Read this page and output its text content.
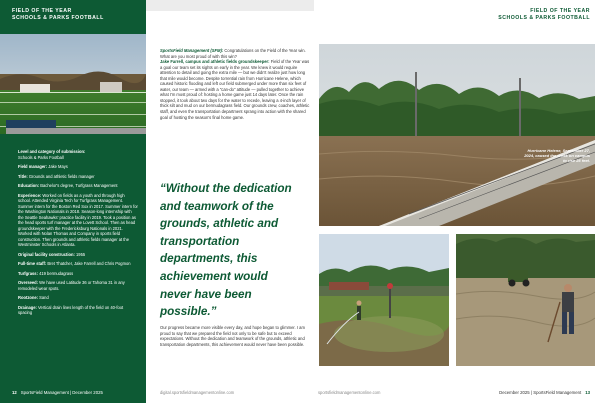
FIELD OF THE YEAR
SCHOOLS & PARKS FOOTBALL

Level and category of submission:
Schools & Parks Football

Field manager: Jake Mays

Title: Grounds and athletic fields manager

Education: Bachelor's degree, Turfgrass Management

Experience: Worked on fields as a youth and through high school. Attended Virginia Tech for Turfgrass Management. Summer intern for the Boston Red Sox in 2017. Summer intern for the Washington Nationals in 2018. Season-long internship with the Seattle Seahawks' practice facility in 2019. Took a position as the head sports turf manager at the Lovett School. Then as head groundskeeper with the Fredericksburg Nationals in 2021. Worked with Nolan Thomas and Company in sports field construction. Then grounds and athletic fields manager at the Westminster Schools in Atlanta.

Original facility construction: 1955

Full-time staff: Bret Thatcher, Jake Farrell and Chris Pogmon

Turfgrass: 419 bermudagrass

Overseed: We have used Latitude 36 or Tahoma 31 in any remodeled wear spots.

Rootzone: Sand

Drainage: Vertical drain lines length of the field on 40-foot spacing

12 SportsField Management | December 2025
SportsField Management (SFM): Congratulations on the Field of the Year win. What are you most proud of with this win?
Jake Farrell, campus and athletic fields groundskeeper: Field of the Year was a goal our team set its sights on early in the year. We knew it would require attention to detail and going the extra mile — but we didn't realize just how long that mile would become. Despite torrential rain from Hurricane Helene, which caused historic flooding and left our field submerged under more than six feet of water, our team — armed with a "can-do" attitude — pulled together to achieve what I'm most proud of: hosting a home game just 14 days later. Once the rain stopped, it took about two days for the water to recede, leaving a 4-inch layer of thick silt and mud on our bermudagrass field. Our grounds crew, coaches, athletic staff, and even the transportation department sprang into action with the shared goal of hosting the season's final home game.
“Without the dedication and teamwork of the grounds, athletic and transportation departments, this achievement would never have been possible.”
Our progress became more visible every day, and hope began to glimmer. I am proud to say that we prepared the field not only to be safe but to exceed expectations. Without the dedication and teamwork of the grounds, athletic and transportation departments, this achievement would never have been possible.
digital.sportsfieldmanagementonline.com
FIELD OF THE YEAR
SCHOOLS & PARKS FOOTBALL
Hurricane Helene, September 27, 2024, caused the creek on campus to rise 25 feet.
sportsfieldmanagementonline.com	December 2025 | SportsField Management 13
